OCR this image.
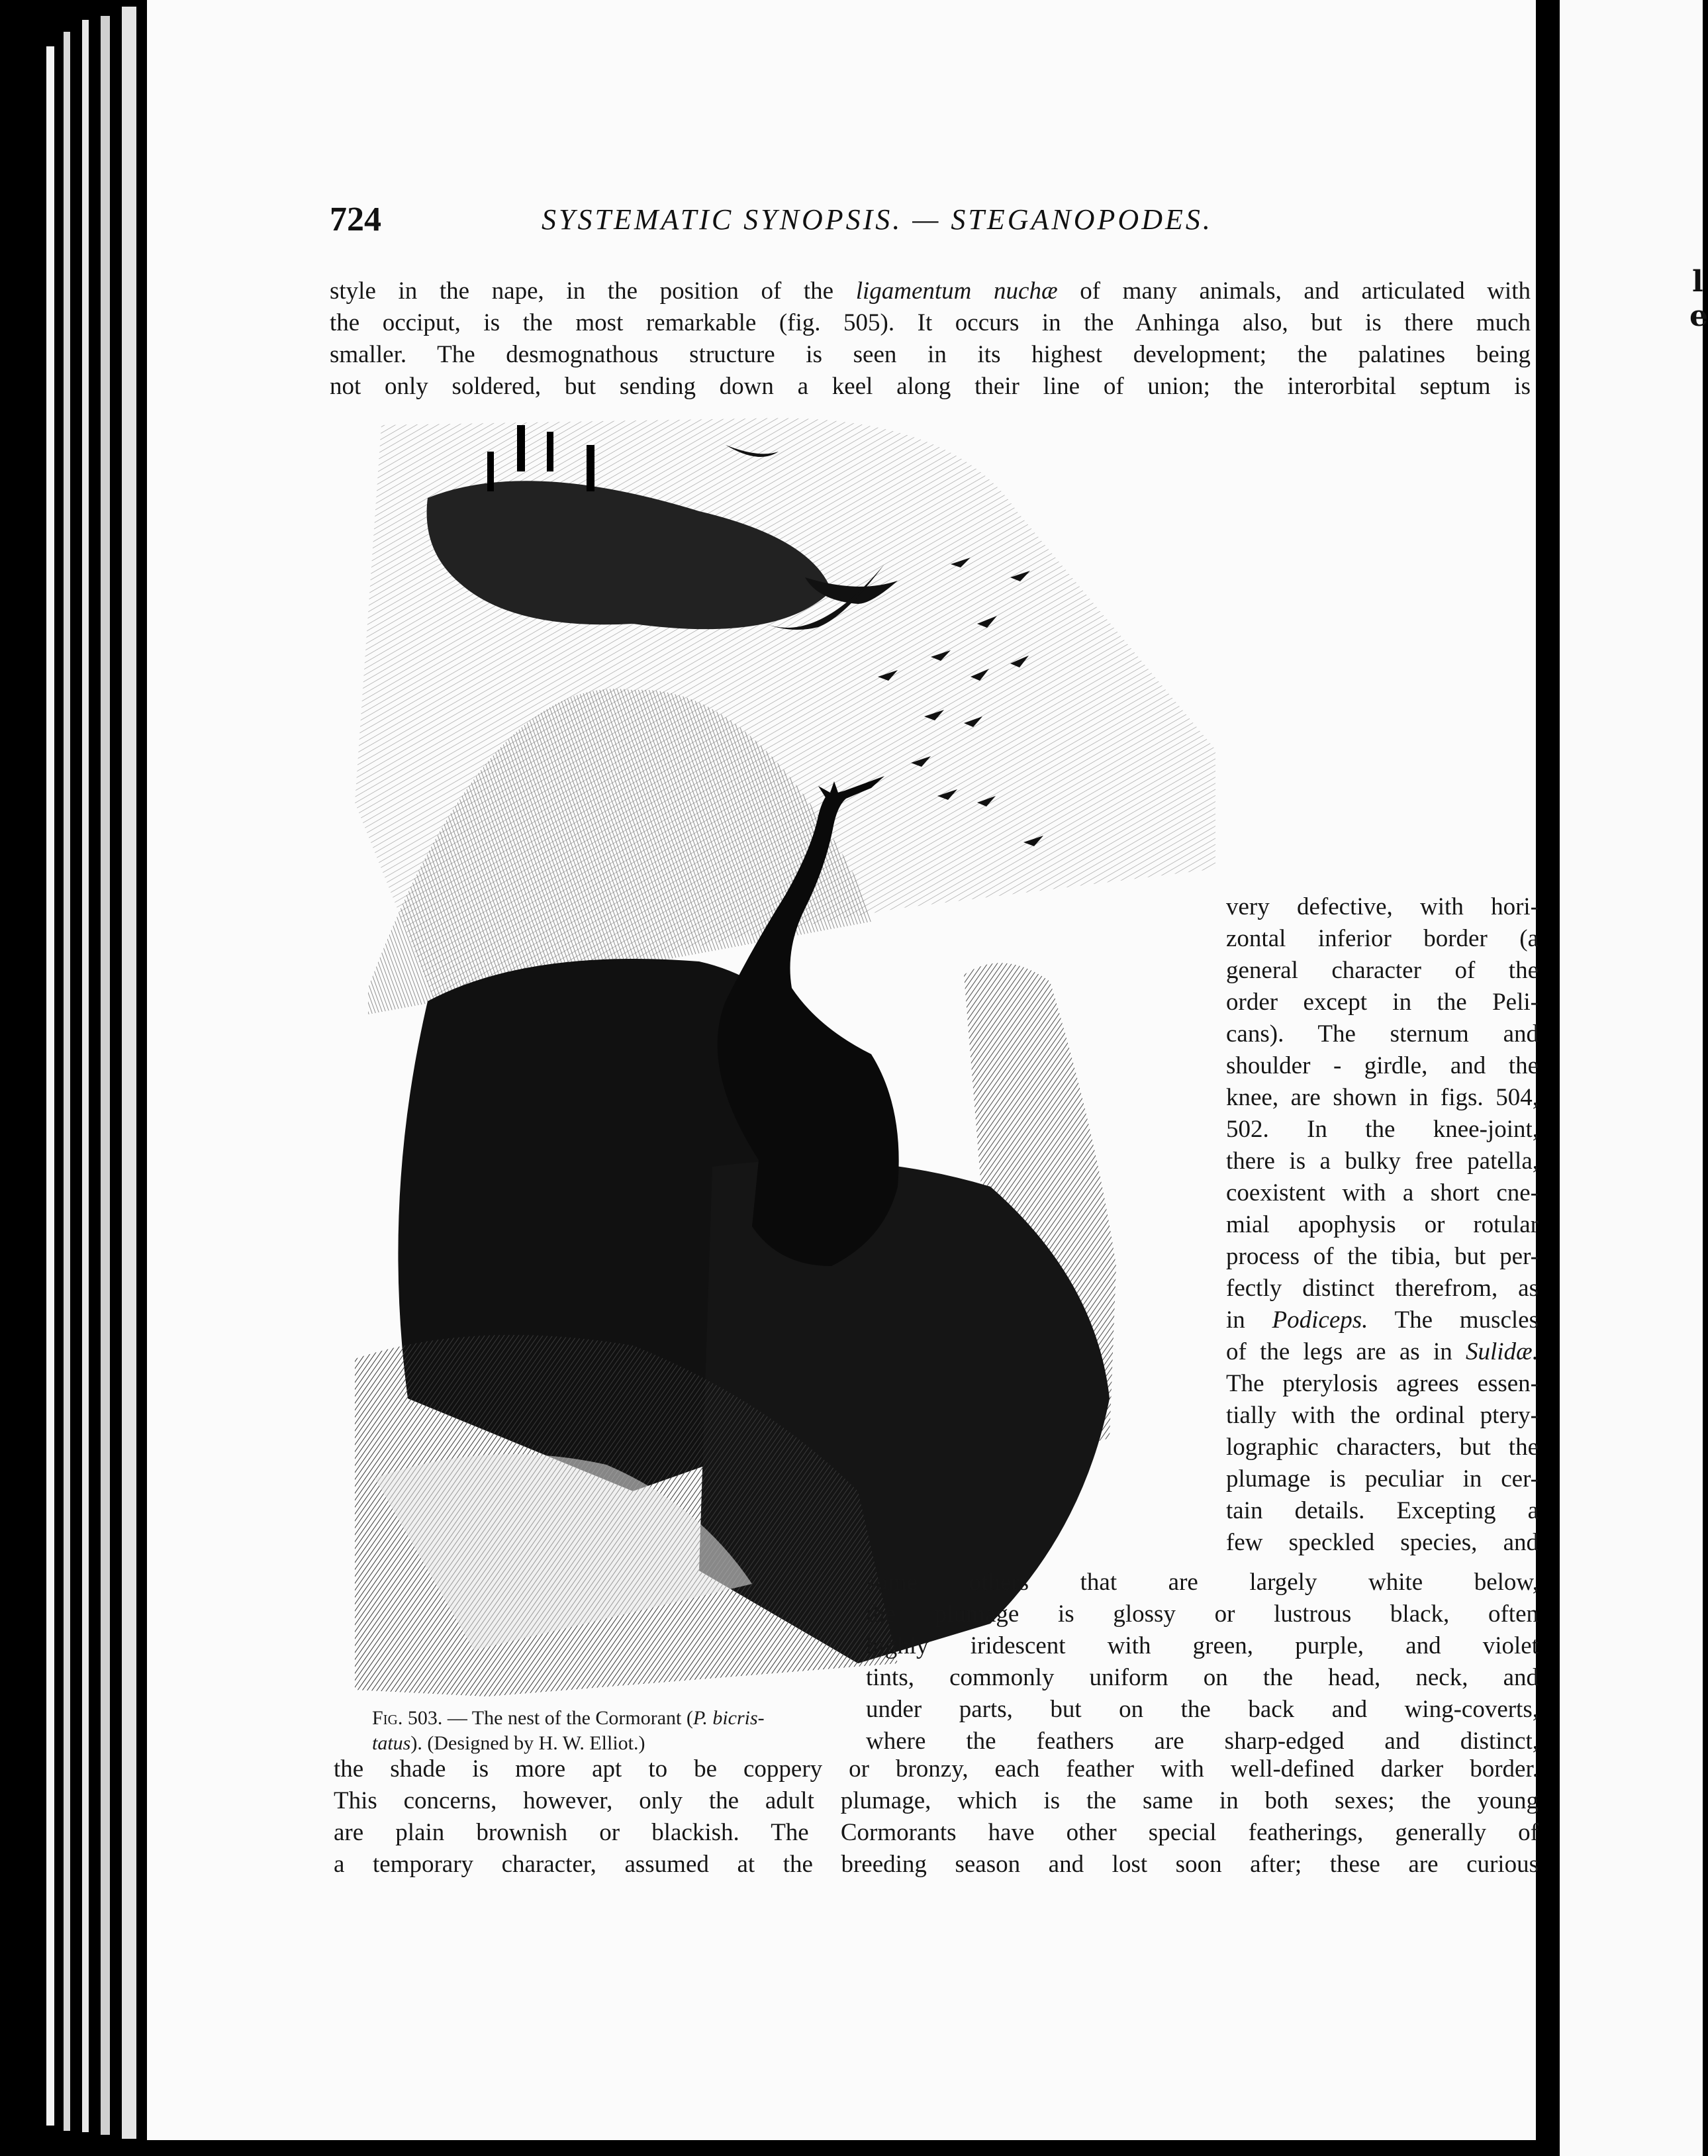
724	SYSTEMATIC SYNOPSIS. — STEGANOPODES.
style in the nape, in the position of the ligamentum nuchæ of many animals, and articulated with
the occiput, is the most remarkable (fig. 505). It occurs in the Anhinga also, but is there much
smaller. The desmognathous structure is seen in its highest development; the palatines being
not only soldered, but sending down a keel along their line of union; the interorbital septum is
very defective, with hori-
zontal inferior border (a
general character of the
order except in the Peli-
cans). The sternum and
shoulder - girdle, and the
knee, are shown in figs. 504,
502. In the knee-joint,
there is a bulky free patella,
coexistent with a short cne-
mial apophysis or rotular
process of the tibia, but per-
fectly distinct therefrom, as
in Podiceps. The muscles
of the legs are as in Sulidæ.
The pterylosis agrees essen-
tially with the ordinal ptery-
lographic characters, but the
plumage is peculiar in cer-
tain details. Excepting a
few speckled species, and
some others that are largely white below,
the plumage is glossy or lustrous black, often
highly iridescent with green, purple, and violet
tints, commonly uniform on the head, neck, and
under parts, but on the back and wing-coverts,
where the feathers are sharp-edged and distinct,
Fig. 503. — The nest of the Cormorant (P. bicris-
tatus). (Designed by H. W. Elliot.)
the shade is more apt to be coppery or bronzy, each feather with well-defined darker border.
This concerns, however, only the adult plumage, which is the same in both sexes; the young
are plain brownish or blackish. The Cormorants have other special featherings, generally of
a temporary character, assumed at the breeding season and lost soon after; these are curious
l
e
